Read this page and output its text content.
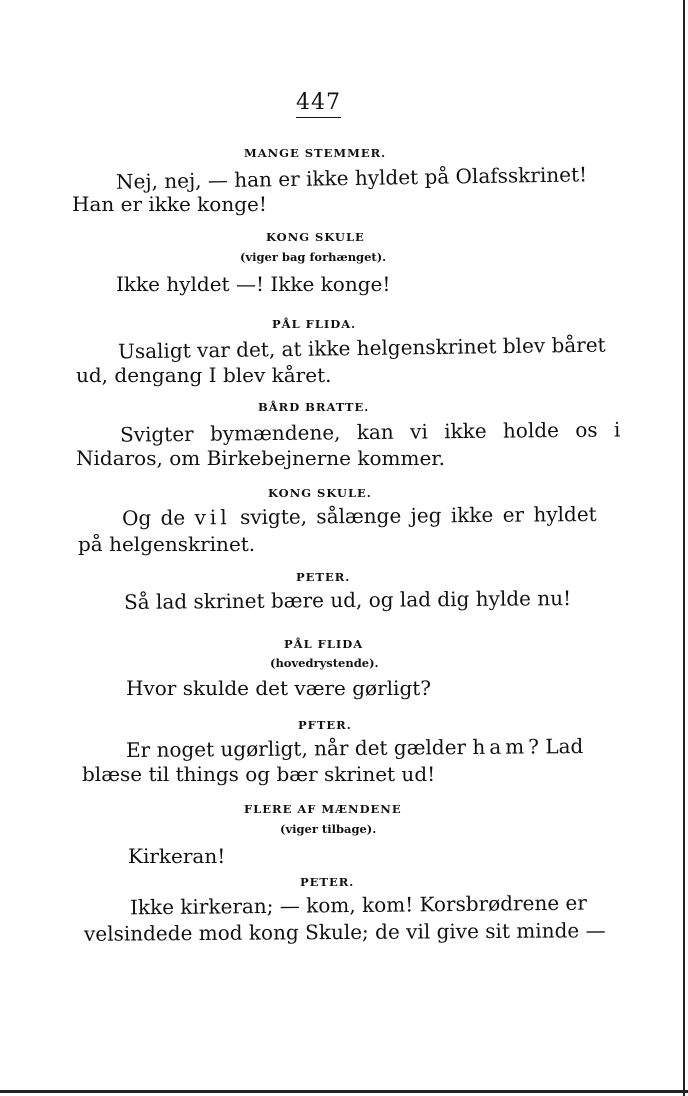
447
MANGE STEMMER.
Nej, nej, — han er ikke hyldet på Olafsskrinet!
Han er ikke konge!
KONG SKULE
(viger bag forhænget).
Ikke hyldet —! Ikke konge!
PÅL FLIDA.
Usaligt var det, at ikke helgenskrinet blev båret
ud, dengang I blev kåret.
BÅRD BRATTE.
Svigter bymændene, kan vi ikke holde os i
Nidaros, om Birkebejnerne kommer.
KONG SKULE.
Og de vil svigte, sålænge jeg ikke er hyldet
på helgenskrinet.
PETER.
Så lad skrinet bære ud, og lad dig hylde nu!
PÅL FLIDA
(hovedrystende).
Hvor skulde det være gørligt?
PFTER.
Er noget ugørligt, når det gælder ham? Lad
blæse til things og bær skrinet ud!
FLERE AF MÆNDENE
(viger tilbage).
Kirkeran!
PETER.
Ikke kirkeran; — kom, kom! Korsbrødrene er
velsindede mod kong Skule; de vil give sit minde —
